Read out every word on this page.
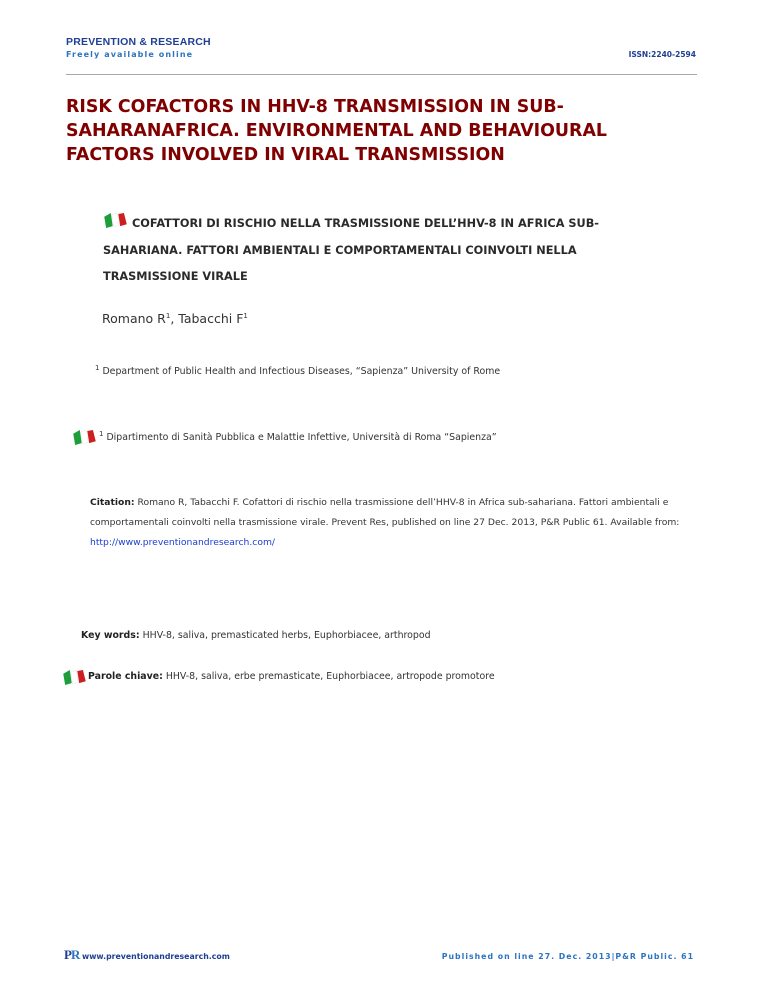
PREVENTION & RESEARCH
Freely available online	ISSN:2240-2594
RISK COFACTORS IN HHV-8 TRANSMISSION IN SUB-
SAHARANAFRICA. ENVIRONMENTAL AND BEHAVIOURAL
FACTORS INVOLVED IN VIRAL TRANSMISSION
COFATTORI DI RISCHIO NELLA TRASMISSIONE DELL’HHV-8 IN AFRICA SUB-
SAHARIANA. FATTORI AMBIENTALI E COMPORTAMENTALI COINVOLTI NELLA
TRASMISSIONE VIRALE
Romano $R^1$, Tabacchi $F^1$
$^1$ Department of Public Health and Infectious Diseases, “Sapienza” University of Rome
$^1$ Dipartimento di Sanità Pubblica e Malattie Infettive, Università di Roma “Sapienza”
Citation: Romano R, Tabacchi F. Cofattori di rischio nella trasmissione dell’HHV-8 in Africa sub-sahariana. Fattori ambientali e comportamentali coinvolti nella trasmissione virale. Prevent Res, published on line 27 Dec. 2013, P&R Public 61. Available from: http://www.preventionandresearch.com/
Key words: HHV-8, saliva, premasticated herbs, Euphorbiacee, arthropod
Parole chiave: HHV-8, saliva, erbe premasticate, Euphorbiacee, artropode promotore
PR www.preventionandresearch.com	Published on line 27. Dec. 2013|P&R Public. 61
